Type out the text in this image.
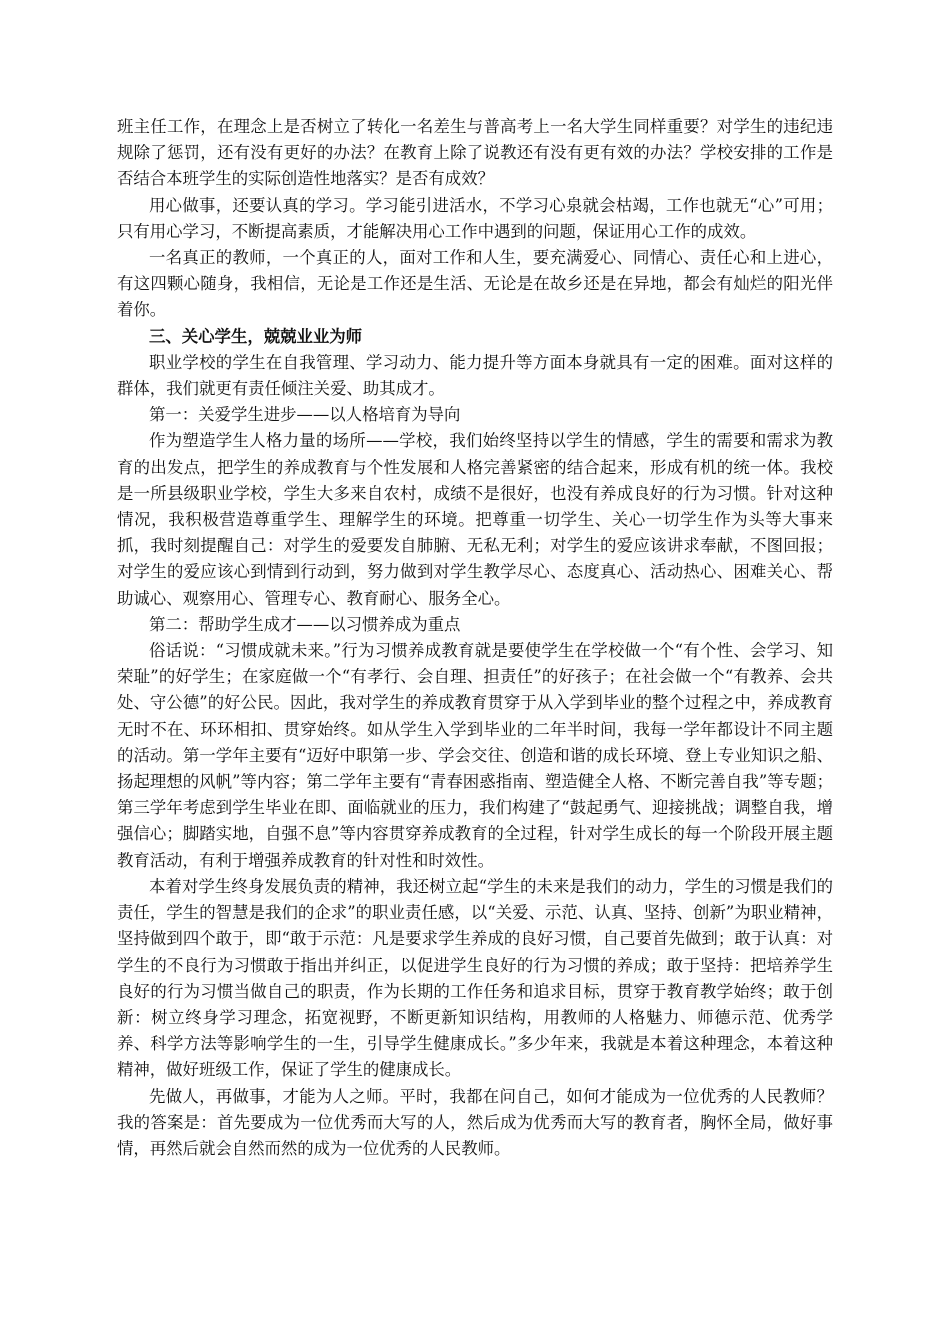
班主任工作，在理念上是否树立了转化一名差生与普高考上一名大学生同样重要？对学生的违纪违规除了惩罚，还有没有更好的办法？在教育上除了说教还有没有更有效的办法？学校安排的工作是否结合本班学生的实际创造性地落实？是否有成效？

用心做事，还要认真的学习。学习能引进活水，不学习心泉就会枯竭，工作也就无“心”可用；只有用心学习，不断提高素质，才能解决用心工作中遇到的问题，保证用心工作的成效。

一名真正的教师，一个真正的人，面对工作和人生，要充满爱心、同情心、责任心和上进心，有这四颗心随身，我相信，无论是工作还是生活、无论是在故乡还是在异地，都会有灿烂的阳光伴着你。

三、关心学生，兢兢业业为师

职业学校的学生在自我管理、学习动力、能力提升等方面本身就具有一定的困难。面对这样的群体，我们就更有责任倾注关爱、助其成才。

第一：关爱学生进步——以人格培育为导向

作为塑造学生人格力量的场所——学校，我们始终坚持以学生的情感，学生的需要和需求为教育的出发点，把学生的养成教育与个性发展和人格完善紧密的结合起来，形成有机的统一体。我校是一所县级职业学校，学生大多来自农村，成绩不是很好，也没有养成良好的行为习惯。针对这种情况，我积极营造尊重学生、理解学生的环境。把尊重一切学生、关心一切学生作为头等大事来抓，我时刻提醒自己：对学生的爱要发自肺腑、无私无利；对学生的爱应该讲求奉献，不图回报；对学生的爱应该心到情到行动到，努力做到对学生教学尽心、态度真心、活动热心、困难关心、帮助诚心、观察用心、管理专心、教育耐心、服务全心。

第二：帮助学生成才——以习惯养成为重点

俗话说：“习惯成就未来。”行为习惯养成教育就是要使学生在学校做一个“有个性、会学习、知荣耻”的好学生；在家庭做一个“有孝行、会自理、担责任”的好孩子；在社会做一个“有教养、会共处、守公德”的好公民。因此，我对学生的养成教育贯穿于从入学到毕业的整个过程之中，养成教育无时不在、环环相扣、贯穿始终。如从学生入学到毕业的二年半时间，我每一学年都设计不同主题的活动。第一学年主要有“迈好中职第一步、学会交往、创造和谐的成长环境、登上专业知识之船、扬起理想的风帆”等内容；第二学年主要有“青春困惑指南、塑造健全人格、不断完善自我”等专题；第三学年考虑到学生毕业在即、面临就业的压力，我们构建了“鼓起勇气、迎接挑战；调整自我，增强信心；脚踏实地，自强不息”等内容贯穿养成教育的全过程，针对学生成长的每一个阶段开展主题教育活动，有利于增强养成教育的针对性和时效性。

本着对学生终身发展负责的精神，我还树立起“学生的未来是我们的动力，学生的习惯是我们的责任，学生的智慧是我们的企求”的职业责任感，以“关爱、示范、认真、坚持、创新”为职业精神，坚持做到四个敢于，即“敢于示范：凡是要求学生养成的良好习惯，自己要首先做到；敢于认真：对学生的不良行为习惯敢于指出并纠正，以促进学生良好的行为习惯的养成；敢于坚持：把培养学生良好的行为习惯当做自己的职责，作为长期的工作任务和追求目标，贯穿于教育教学始终；敢于创新：树立终身学习理念，拓宽视野，不断更新知识结构，用教师的人格魅力、师德示范、优秀学养、科学方法等影响学生的一生，引导学生健康成长。”多少年来，我就是本着这种理念，本着这种精神，做好班级工作，保证了学生的健康成长。

先做人，再做事，才能为人之师。平时，我都在问自己，如何才能成为一位优秀的人民教师？我的答案是：首先要成为一位优秀而大写的人，然后成为优秀而大写的教育者，胸怀全局，做好事情，再然后就会自然而然的成为一位优秀的人民教师。
